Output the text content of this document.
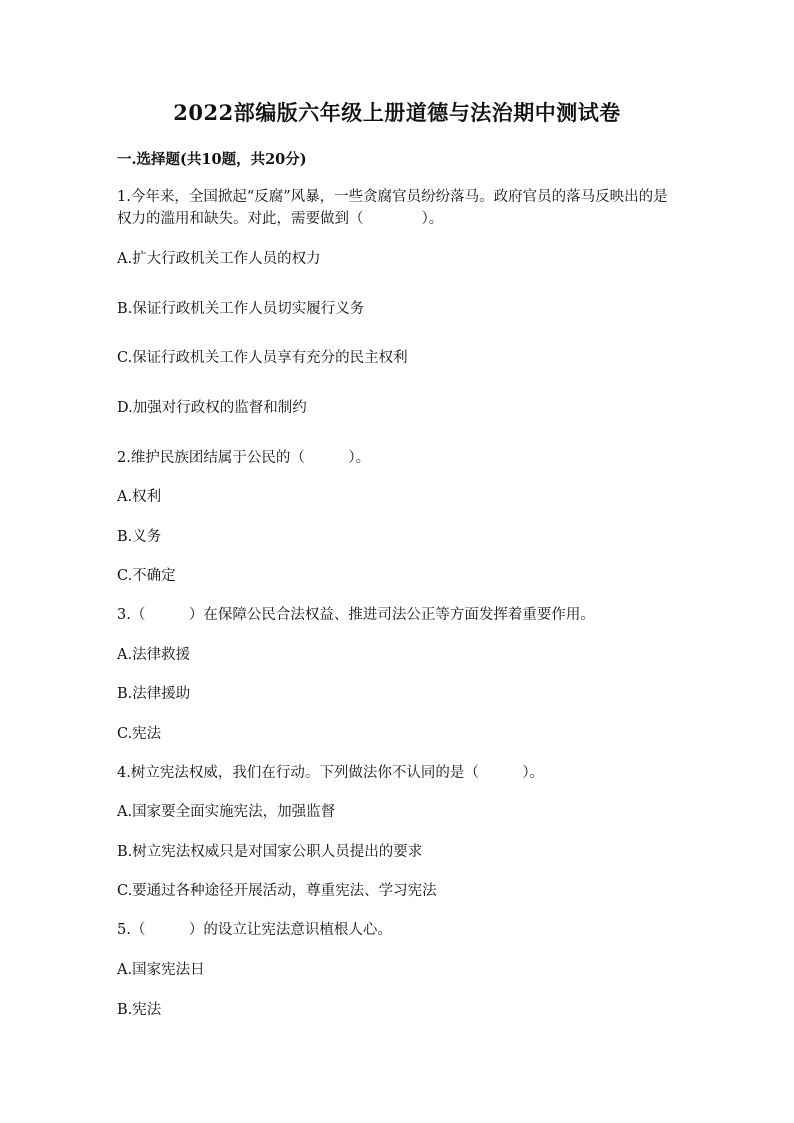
2022部编版六年级上册道德与法治期中测试卷
一.选择题(共10题，共20分)
1.今年来，全国掀起“反腐”风暴，一些贪腐官员纷纷落马。政府官员的落马反映出的是权力的滥用和缺失。对此，需要做到（　　　　）。
A.扩大行政机关工作人员的权力
B.保证行政机关工作人员切实履行义务
C.保证行政机关工作人员享有充分的民主权利
D.加强对行政权的监督和制约
2.维护民族团结属于公民的（　　　）。
A.权利
B.义务
C.不确定
3.（　　　）在保障公民合法权益、推进司法公正等方面发挥着重要作用。
A.法律救援
B.法律援助
C.宪法
4.树立宪法权威，我们在行动。下列做法你不认同的是（　　　）。
A.国家要全面实施宪法，加强监督
B.树立宪法权威只是对国家公职人员提出的要求
C.要通过各种途径开展活动，尊重宪法、学习宪法
5.（　　　）的设立让宪法意识植根人心。
A.国家宪法日
B.宪法
